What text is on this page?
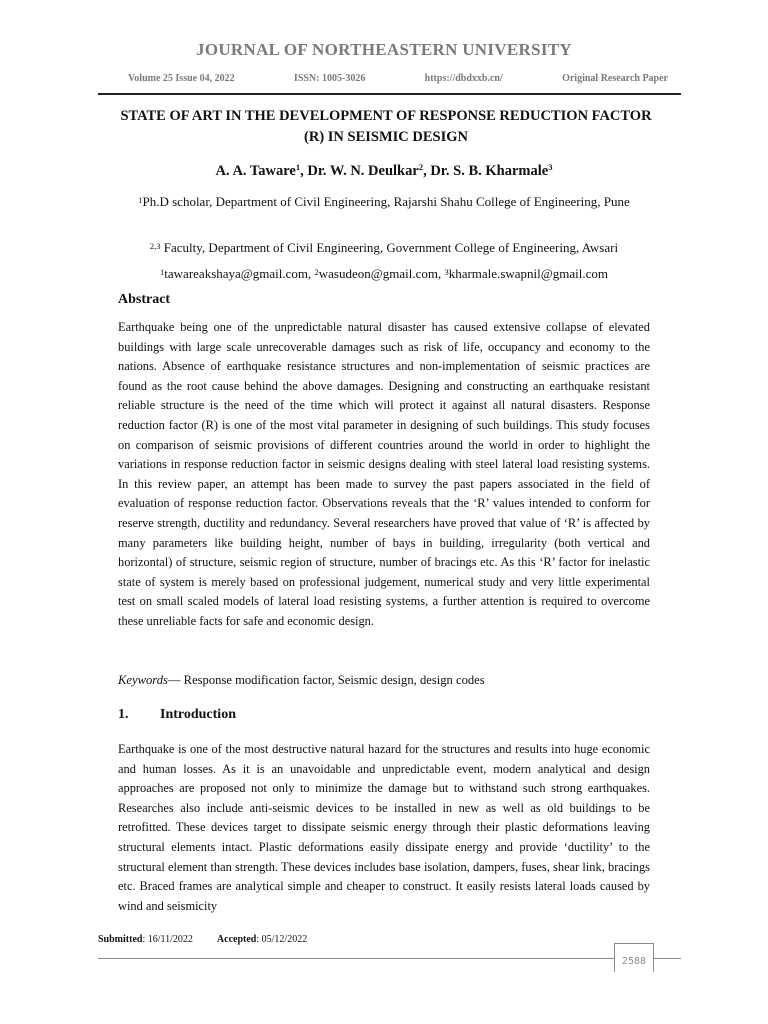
JOURNAL OF NORTHEASTERN UNIVERSITY
Volume 25 Issue 04, 2022	ISSN: 1005-3026	https://dbdxxb.cn/	Original Research Paper
STATE OF ART IN THE DEVELOPMENT OF RESPONSE REDUCTION FACTOR
(R) IN SEISMIC DESIGN
A. A. Taware$^1$, Dr. W. N. Deulkar$^2$, Dr. S. B. Kharmale$^3$
$^1$Ph.D scholar, Department of Civil Engineering, Rajarshi Shahu College of Engineering, Pune
$^{2,3}$ Faculty, Department of Civil Engineering, Government College of Engineering, Awsari
$^1$tawareakshaya@gmail.com, $^2$wasudeon@gmail.com, $^3$kharmale.swapnil@gmail.com
Abstract
Earthquake being one of the unpredictable natural disaster has caused extensive collapse of elevated buildings with large scale unrecoverable damages such as risk of life, occupancy and economy to the nations. Absence of earthquake resistance structures and non-implementation of seismic practices are found as the root cause behind the above damages. Designing and constructing an earthquake resistant reliable structure is the need of the time which will protect it against all natural disasters. Response reduction factor (R) is one of the most vital parameter in designing of such buildings. This study focuses on comparison of seismic provisions of different countries around the world in order to highlight the variations in response reduction factor in seismic designs dealing with steel lateral load resisting systems. In this review paper, an attempt has been made to survey the past papers associated in the field of evaluation of response reduction factor. Observations reveals that the ‘R’ values intended to conform for reserve strength, ductility and redundancy. Several researchers have proved that value of ‘R’ is affected by many parameters like building height, number of bays in building, irregularity (both vertical and horizontal) of structure, seismic region of structure, number of bracings etc. As this ‘R’ factor for inelastic state of system is merely based on professional judgement, numerical study and very little experimental test on small scaled models of lateral load resisting systems, a further attention is required to overcome these unreliable facts for safe and economic design.
Keywords— Response modification factor, Seismic design, design codes
1.	Introduction
Earthquake is one of the most destructive natural hazard for the structures and results into huge economic and human losses. As it is an unavoidable and unpredictable event, modern analytical and design approaches are proposed not only to minimize the damage but to withstand such strong earthquakes. Researches also include anti-seismic devices to be installed in new as well as old buildings to be retrofitted. These devices target to dissipate seismic energy through their plastic deformations leaving structural elements intact. Plastic deformations easily dissipate energy and provide ‘ductility’ to the structural element than strength. These devices includes base isolation, dampers, fuses, shear link, bracings etc. Braced frames are analytical simple and cheaper to construct. It easily resists lateral loads caused by wind and seismicity
Submitted: 16/11/2022 Accepted: 05/12/2022
2588
